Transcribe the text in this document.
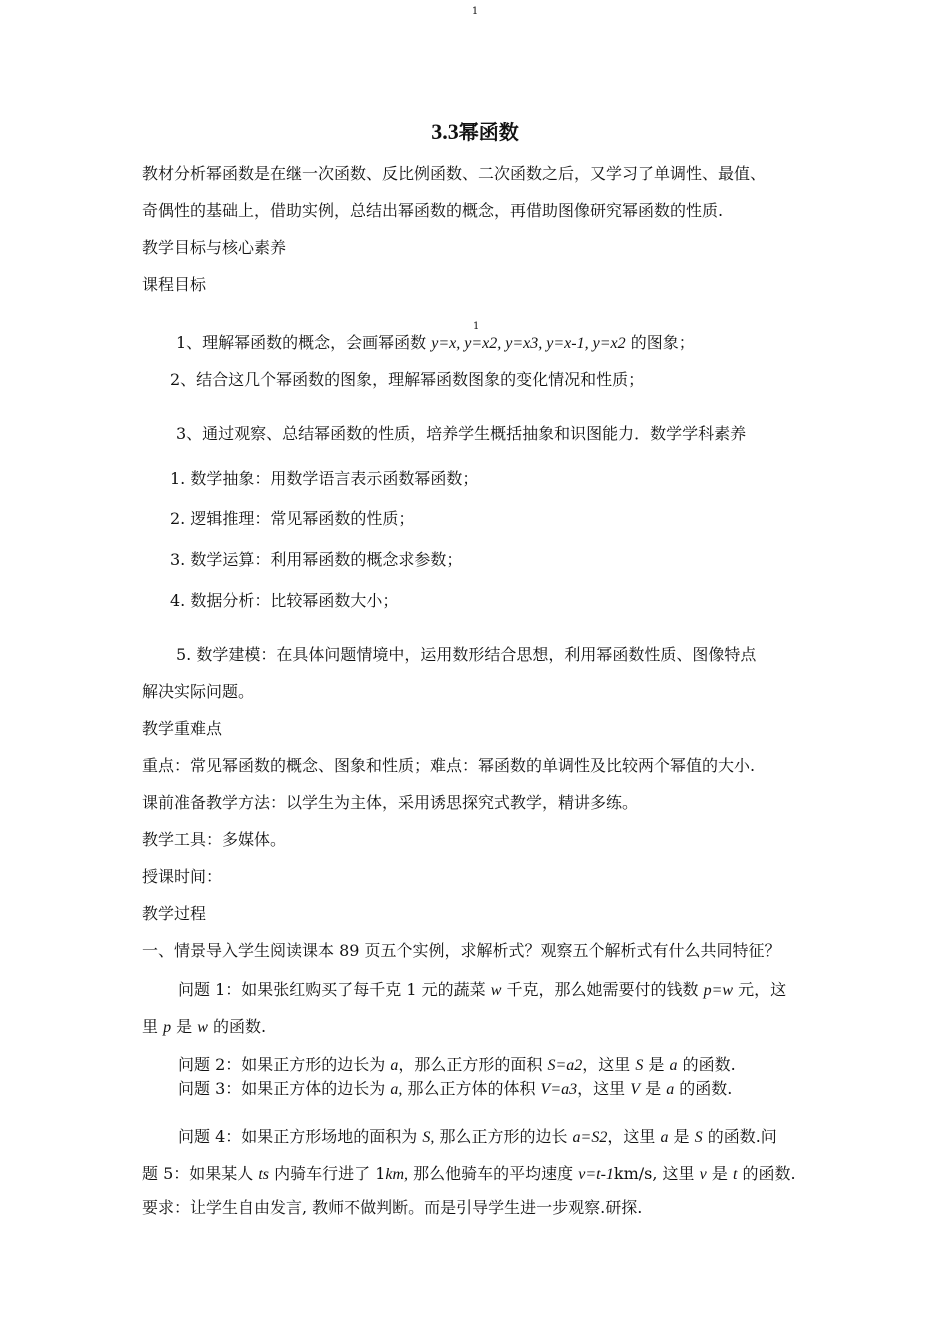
1
3.3幂函数
教材分析幂函数是在继一次函数、反比例函数、二次函数之后，又学习了单调性、最值、
奇偶性的基础上，借助实例，总结出幂函数的概念，再借助图像研究幂函数的性质.
教学目标与核心素养
课程目标
1
1、理解幂函数的概念，会画幂函数 y=x, y=x2, y=x3, y=x-1, y=x2 的图象；
2、结合这几个幂函数的图象，理解幂函数图象的变化情况和性质；
3、通过观察、总结幂函数的性质，培养学生概括抽象和识图能力．数学学科素养
1. 数学抽象：用数学语言表示函数幂函数；
2. 逻辑推理：常见幂函数的性质；
3. 数学运算：利用幂函数的概念求参数；
4. 数据分析：比较幂函数大小；
5. 数学建模：在具体问题情境中，运用数形结合思想，利用幂函数性质、图像特点
解决实际问题。
教学重难点
重点：常见幂函数的概念、图象和性质；难点：幂函数的单调性及比较两个幂值的大小.
课前准备教学方法：以学生为主体，采用诱思探究式教学，精讲多练。
教学工具：多媒体。
授课时间：
教学过程
一、情景导入学生阅读课本 89 页五个实例，求解析式？观察五个解析式有什么共同特征？
问题 1：如果张红购买了每千克 1 元的蔬菜 w 千克，那么她需要付的钱数 p=w 元，这
里 p 是 w 的函数.
问题 2：如果正方形的边长为 a，那么正方形的面积 S=a2，这里 S 是 a 的函数.
问题 3：如果正方体的边长为 a, 那么正方体的体积 V=a3，这里 V 是 a 的函数.
问题 4：如果正方形场地的面积为 S, 那么正方形的边长 a=S2，这里 a 是 S 的函数.问
题 5：如果某人 ts 内骑车行进了 1km, 那么他骑车的平均速度 v=t-1km/s, 这里 v 是 t 的函数.
要求：让学生自由发言, 教师不做判断。而是引导学生进一步观察.研探.
